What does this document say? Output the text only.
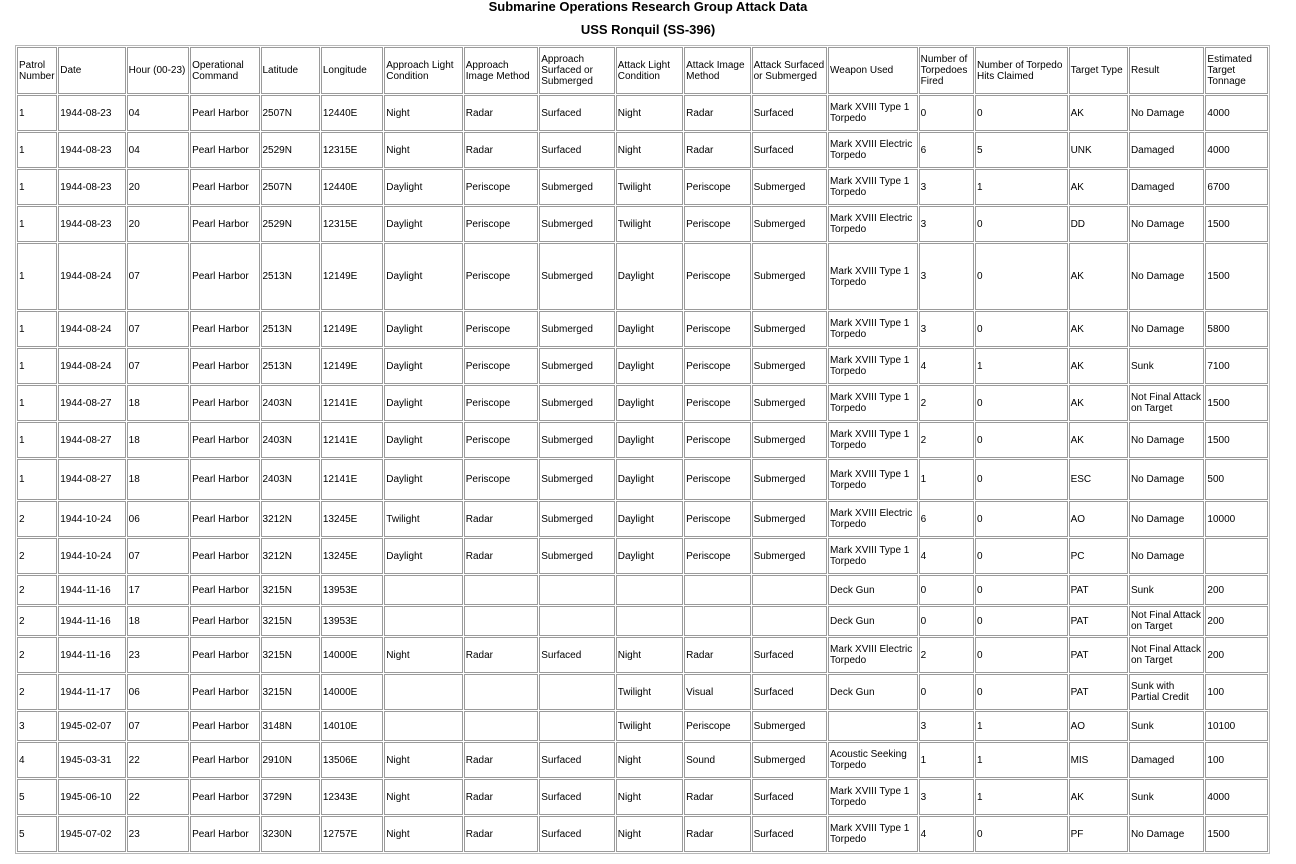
Submarine Operations Research Group Attack Data
USS Ronquil (SS-396)
Patrol Number	Date	Hour (00-23)	Operational Command	Latitude	Longitude	Approach Light Condition	Approach Image Method	Approach Surfaced or Submerged	Attack Light Condition	Attack Image Method	Attack Surfaced or Submerged	Weapon Used	Number of Torpedoes Fired	Number of Torpedo Hits Claimed	Target Type	Result	Estimated Target Tonnage
1	1944-08-23	04	Pearl Harbor	2507N	12440E	Night	Radar	Surfaced	Night	Radar	Surfaced	Mark XVIII Type 1 Torpedo	0	0	AK	No Damage	4000
1	1944-08-23	04	Pearl Harbor	2529N	12315E	Night	Radar	Surfaced	Night	Radar	Surfaced	Mark XVIII Electric Torpedo	6	5	UNK	Damaged	4000
1	1944-08-23	20	Pearl Harbor	2507N	12440E	Daylight	Periscope	Submerged	Twilight	Periscope	Submerged	Mark XVIII Type 1 Torpedo	3	1	AK	Damaged	6700
1	1944-08-23	20	Pearl Harbor	2529N	12315E	Daylight	Periscope	Submerged	Twilight	Periscope	Submerged	Mark XVIII Electric Torpedo	3	0	DD	No Damage	1500
1	1944-08-24	07	Pearl Harbor	2513N	12149E	Daylight	Periscope	Submerged	Daylight	Periscope	Submerged	Mark XVIII Type 1 Torpedo	3	0	AK	No Damage	1500
1	1944-08-24	07	Pearl Harbor	2513N	12149E	Daylight	Periscope	Submerged	Daylight	Periscope	Submerged	Mark XVIII Type 1 Torpedo	3	0	AK	No Damage	5800
1	1944-08-24	07	Pearl Harbor	2513N	12149E	Daylight	Periscope	Submerged	Daylight	Periscope	Submerged	Mark XVIII Type 1 Torpedo	4	1	AK	Sunk	7100
1	1944-08-27	18	Pearl Harbor	2403N	12141E	Daylight	Periscope	Submerged	Daylight	Periscope	Submerged	Mark XVIII Type 1 Torpedo	2	0	AK	Not Final Attack on Target	1500
1	1944-08-27	18	Pearl Harbor	2403N	12141E	Daylight	Periscope	Submerged	Daylight	Periscope	Submerged	Mark XVIII Type 1 Torpedo	2	0	AK	No Damage	1500
1	1944-08-27	18	Pearl Harbor	2403N	12141E	Daylight	Periscope	Submerged	Daylight	Periscope	Submerged	Mark XVIII Type 1 Torpedo	1	0	ESC	No Damage	500
2	1944-10-24	06	Pearl Harbor	3212N	13245E	Twilight	Radar	Submerged	Daylight	Periscope	Submerged	Mark XVIII Electric Torpedo	6	0	AO	No Damage	10000
2	1944-10-24	07	Pearl Harbor	3212N	13245E	Daylight	Radar	Submerged	Daylight	Periscope	Submerged	Mark XVIII Type 1 Torpedo	4	0	PC	No Damage	
2	1944-11-16	17	Pearl Harbor	3215N	13953E							Deck Gun	0	0	PAT	Sunk	200
2	1944-11-16	18	Pearl Harbor	3215N	13953E							Deck Gun	0	0	PAT	Not Final Attack on Target	200
2	1944-11-16	23	Pearl Harbor	3215N	14000E	Night	Radar	Surfaced	Night	Radar	Surfaced	Mark XVIII Electric Torpedo	2	0	PAT	Not Final Attack on Target	200
2	1944-11-17	06	Pearl Harbor	3215N	14000E				Twilight	Visual	Surfaced	Deck Gun	0	0	PAT	Sunk with Partial Credit	100
3	1945-02-07	07	Pearl Harbor	3148N	14010E				Twilight	Periscope	Submerged		3	1	AO	Sunk	10100
4	1945-03-31	22	Pearl Harbor	2910N	13506E	Night	Radar	Surfaced	Night	Sound	Submerged	Acoustic Seeking Torpedo	1	1	MIS	Damaged	100
5	1945-06-10	22	Pearl Harbor	3729N	12343E	Night	Radar	Surfaced	Night	Radar	Surfaced	Mark XVIII Type 1 Torpedo	3	1	AK	Sunk	4000
5	1945-07-02	23	Pearl Harbor	3230N	12757E	Night	Radar	Surfaced	Night	Radar	Surfaced	Mark XVIII Type 1 Torpedo	4	0	PF	No Damage	1500
